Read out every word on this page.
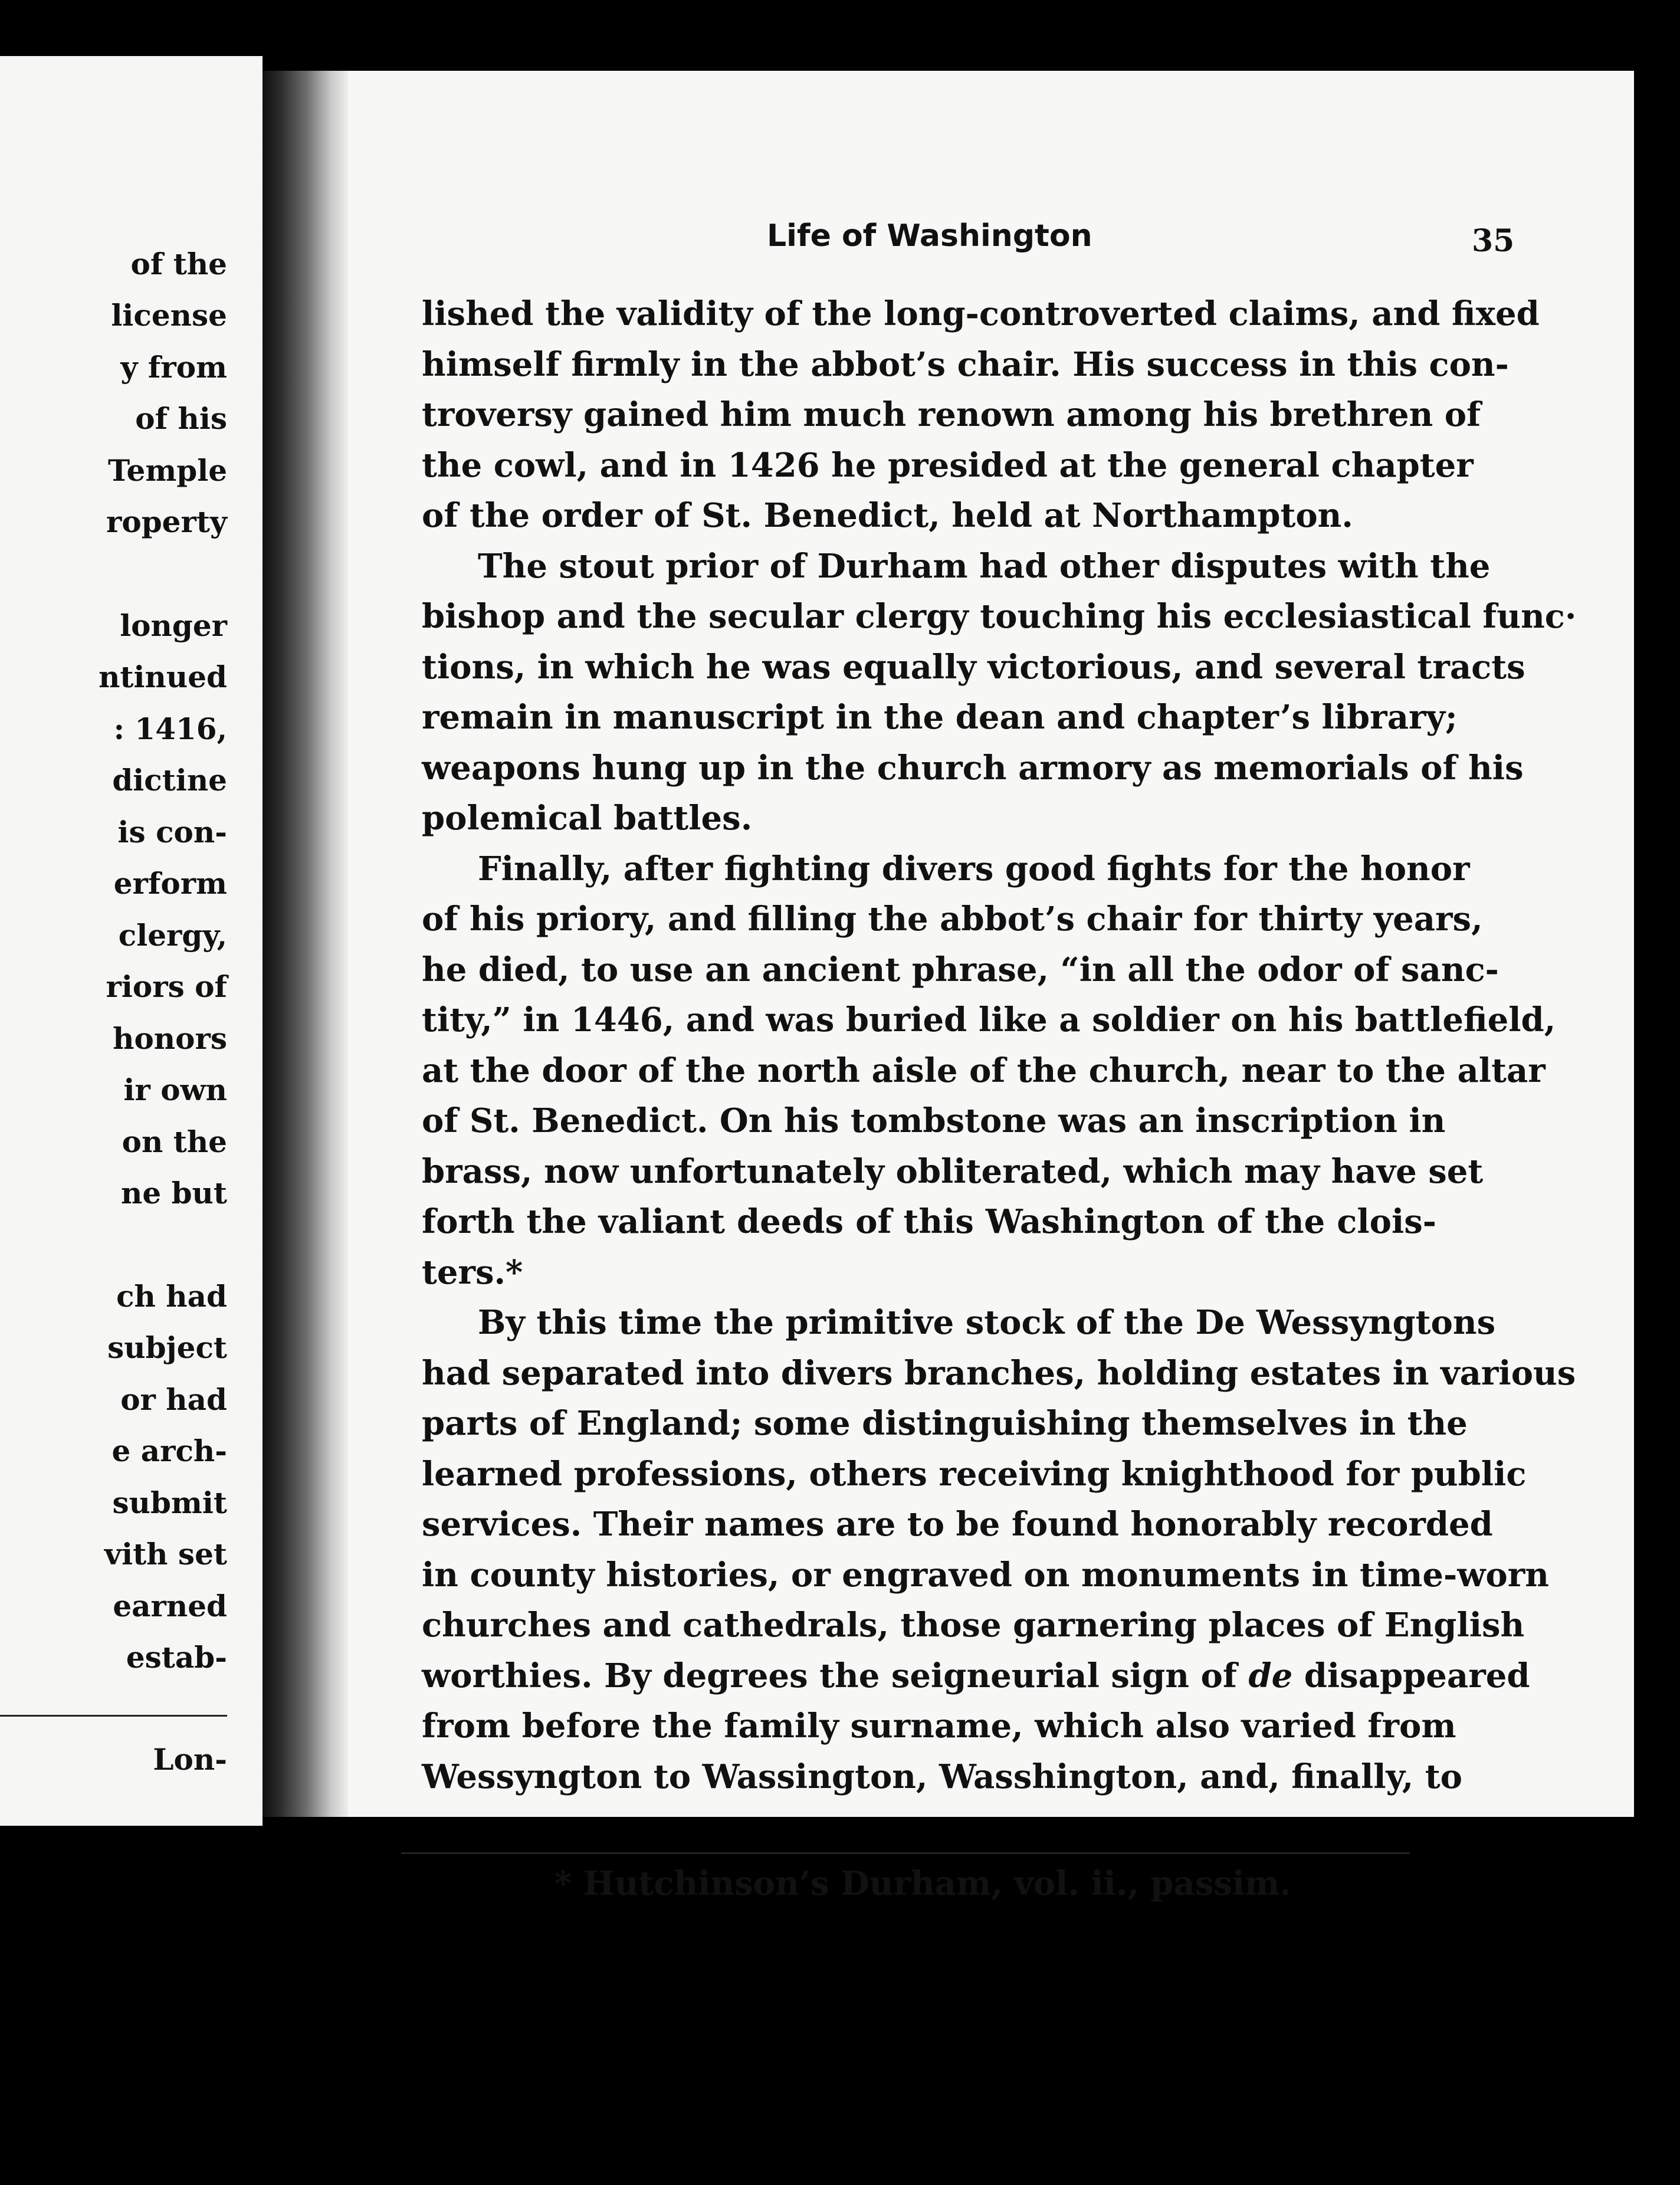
of the

license

y from

of his

Temple

roperty

longer

ntinued

: 1416,

dictine

is con-

erform

clergy,

riors of

honors

ir own

on the

ne but

ch had

subject

or had

e arch-

submit

vith set

earned

estab-

Lon-

Life of Washington	35

lished the validity of the long-controverted claims, and fixed
himself firmly in the abbot’s chair. His success in this con-
troversy gained him much renown among his brethren of
the cowl, and in 1426 he presided at the general chapter
of the order of St. Benedict, held at Northampton.

The stout prior of Durham had other disputes with the
bishop and the secular clergy touching his ecclesiastical func·
tions, in which he was equally victorious, and several tracts
remain in manuscript in the dean and chapter’s library;
weapons hung up in the church armory as memorials of his
polemical battles.

Finally, after fighting divers good fights for the honor
of his priory, and filling the abbot’s chair for thirty years,
he died, to use an ancient phrase, “in all the odor of sanc-
tity,” in 1446, and was buried like a soldier on his battlefield,
at the door of the north aisle of the church, near to the altar
of St. Benedict. On his tombstone was an inscription in
brass, now unfortunately obliterated, which may have set
forth the valiant deeds of this Washington of the clois-
ters.*

By this time the primitive stock of the De Wessyngtons
had separated into divers branches, holding estates in various
parts of England; some distinguishing themselves in the
learned professions, others receiving knighthood for public
services. Their names are to be found honorably recorded
in county histories, or engraved on monuments in time-worn
churches and cathedrals, those garnering places of English
worthies. By degrees the seigneurial sign of de disappeared
from before the family surname, which also varied from
Wessyngton to Wassington, Wasshington, and, finally, to

* Hutchinson’s Durham, vol. ii., passim.
